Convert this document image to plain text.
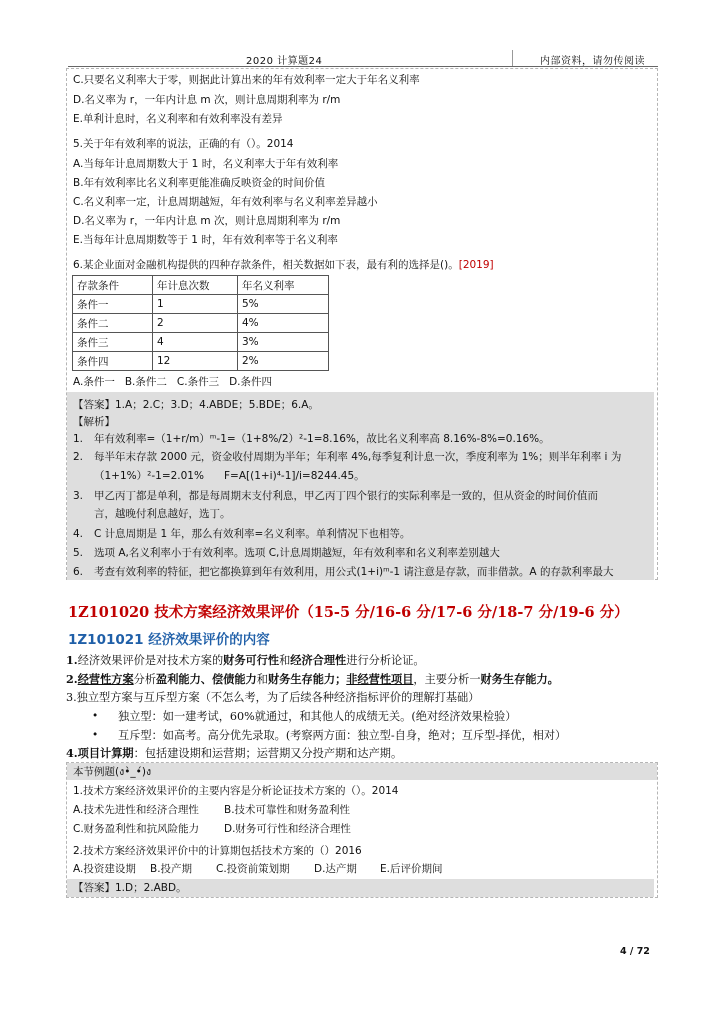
2020 计算题24	内部资料，请勿传阅读
C.只要名义利率大于零，则据此计算出来的年有效利率一定大于年名义利率
D.名义率为 r，一年内计息 m 次，则计息周期利率为 r/m
E.单利计息时，名义利率和有效利率没有差异
5.关于年有效利率的说法，正确的有（）。2014
A.当每年计息周期数大于 1 时，名义利率大于年有效利率
B.年有效利率比名义利率更能准确反映资金的时间价值
C.名义利率一定，计息周期越短，年有效利率与名义利率差异越小
D.名义率为 r，一年内计息 m 次，则计息周期利率为 r/m
E.当每年计息周期数等于 1 时，年有效利率等于名义利率
6.某企业面对金融机构提供的四种存款条件，相关数据如下表，最有利的选择是()。[2019]
存款条件	年计息次数	年名义利率
条件一	1	5%
条件二	2	4%
条件三	4	3%
条件四	12	2%
A.条件一   B.条件二   C.条件三   D.条件四
【答案】1.A；2.C；3.D；4.ABDE；5.BDE；6.A。
【解析】
1. 年有效利率=（1+r/m）ᵐ-1=（1+8%/2）²-1=8.16%，故比名义利率高 8.16%-8%=0.16%。
2. 每半年末存款 2000 元，资金收付周期为半年；年利率 4%,每季复利计息一次，季度利率为 1%；则半年利率 i 为
（1+1%）²-1=2.01%      F=A[(1+i)⁴-1]/i=8244.45。
3. 甲乙丙丁都是单利，都是每周期末支付利息，甲乙丙丁四个银行的实际利率是一致的，但从资金的时间价值而
言，越晚付利息越好，选丁。
4. C 计息周期是 1 年，那么有效利率=名义利率。单利情况下也相等。
5. 选项 A,名义利率小于有效利率。选项 C,计息周期越短，年有效利率和名义利率差别越大
6. 考查有效利率的特征，把它都换算到年有效利用，用公式(1+i)ᵐ-1 请注意是存款，而非借款。A 的存款利率最大
1Z101020 技术方案经济效果评价（15-5 分/16-6 分/17-6 分/18-7 分/19-6 分）
1Z101021 经济效果评价的内容
1.经济效果评价是对技术方案的财务可行性和经济合理性进行分析论证。
2.经营性方案分析盈利能力、偿债能力和财务生存能力；非经营性项目，主要分析一财务生存能力。
3.独立型方案与互斥型方案（不怎么考，为了后续各种经济指标评价的理解打基础）
• 独立型：如一建考试，60%就通过，和其他人的成绩无关。(绝对经济效果检验）
• 互斥型：如高考。高分优先录取。(考察两方面：独立型-自身，绝对；互斥型-择优，相对）
4.项目计算期：包括建设期和运营期；运营期又分投产期和达产期。
本节例题(ง•̀_•́)ง
1.技术方案经济效果评价的主要内容是分析论证技术方案的（）。2014
A.技术先进性和经济合理性 B.技术可靠性和财务盈利性
C.财务盈利性和抗风险能力 D.财务可行性和经济合理性
2.技术方案经济效果评价中的计算期包括技术方案的（）2016
A.投资建设期 B.投产期 C.投资前策划期 D.达产期 E.后评价期间
【答案】1.D；2.ABD。
4 / 72
